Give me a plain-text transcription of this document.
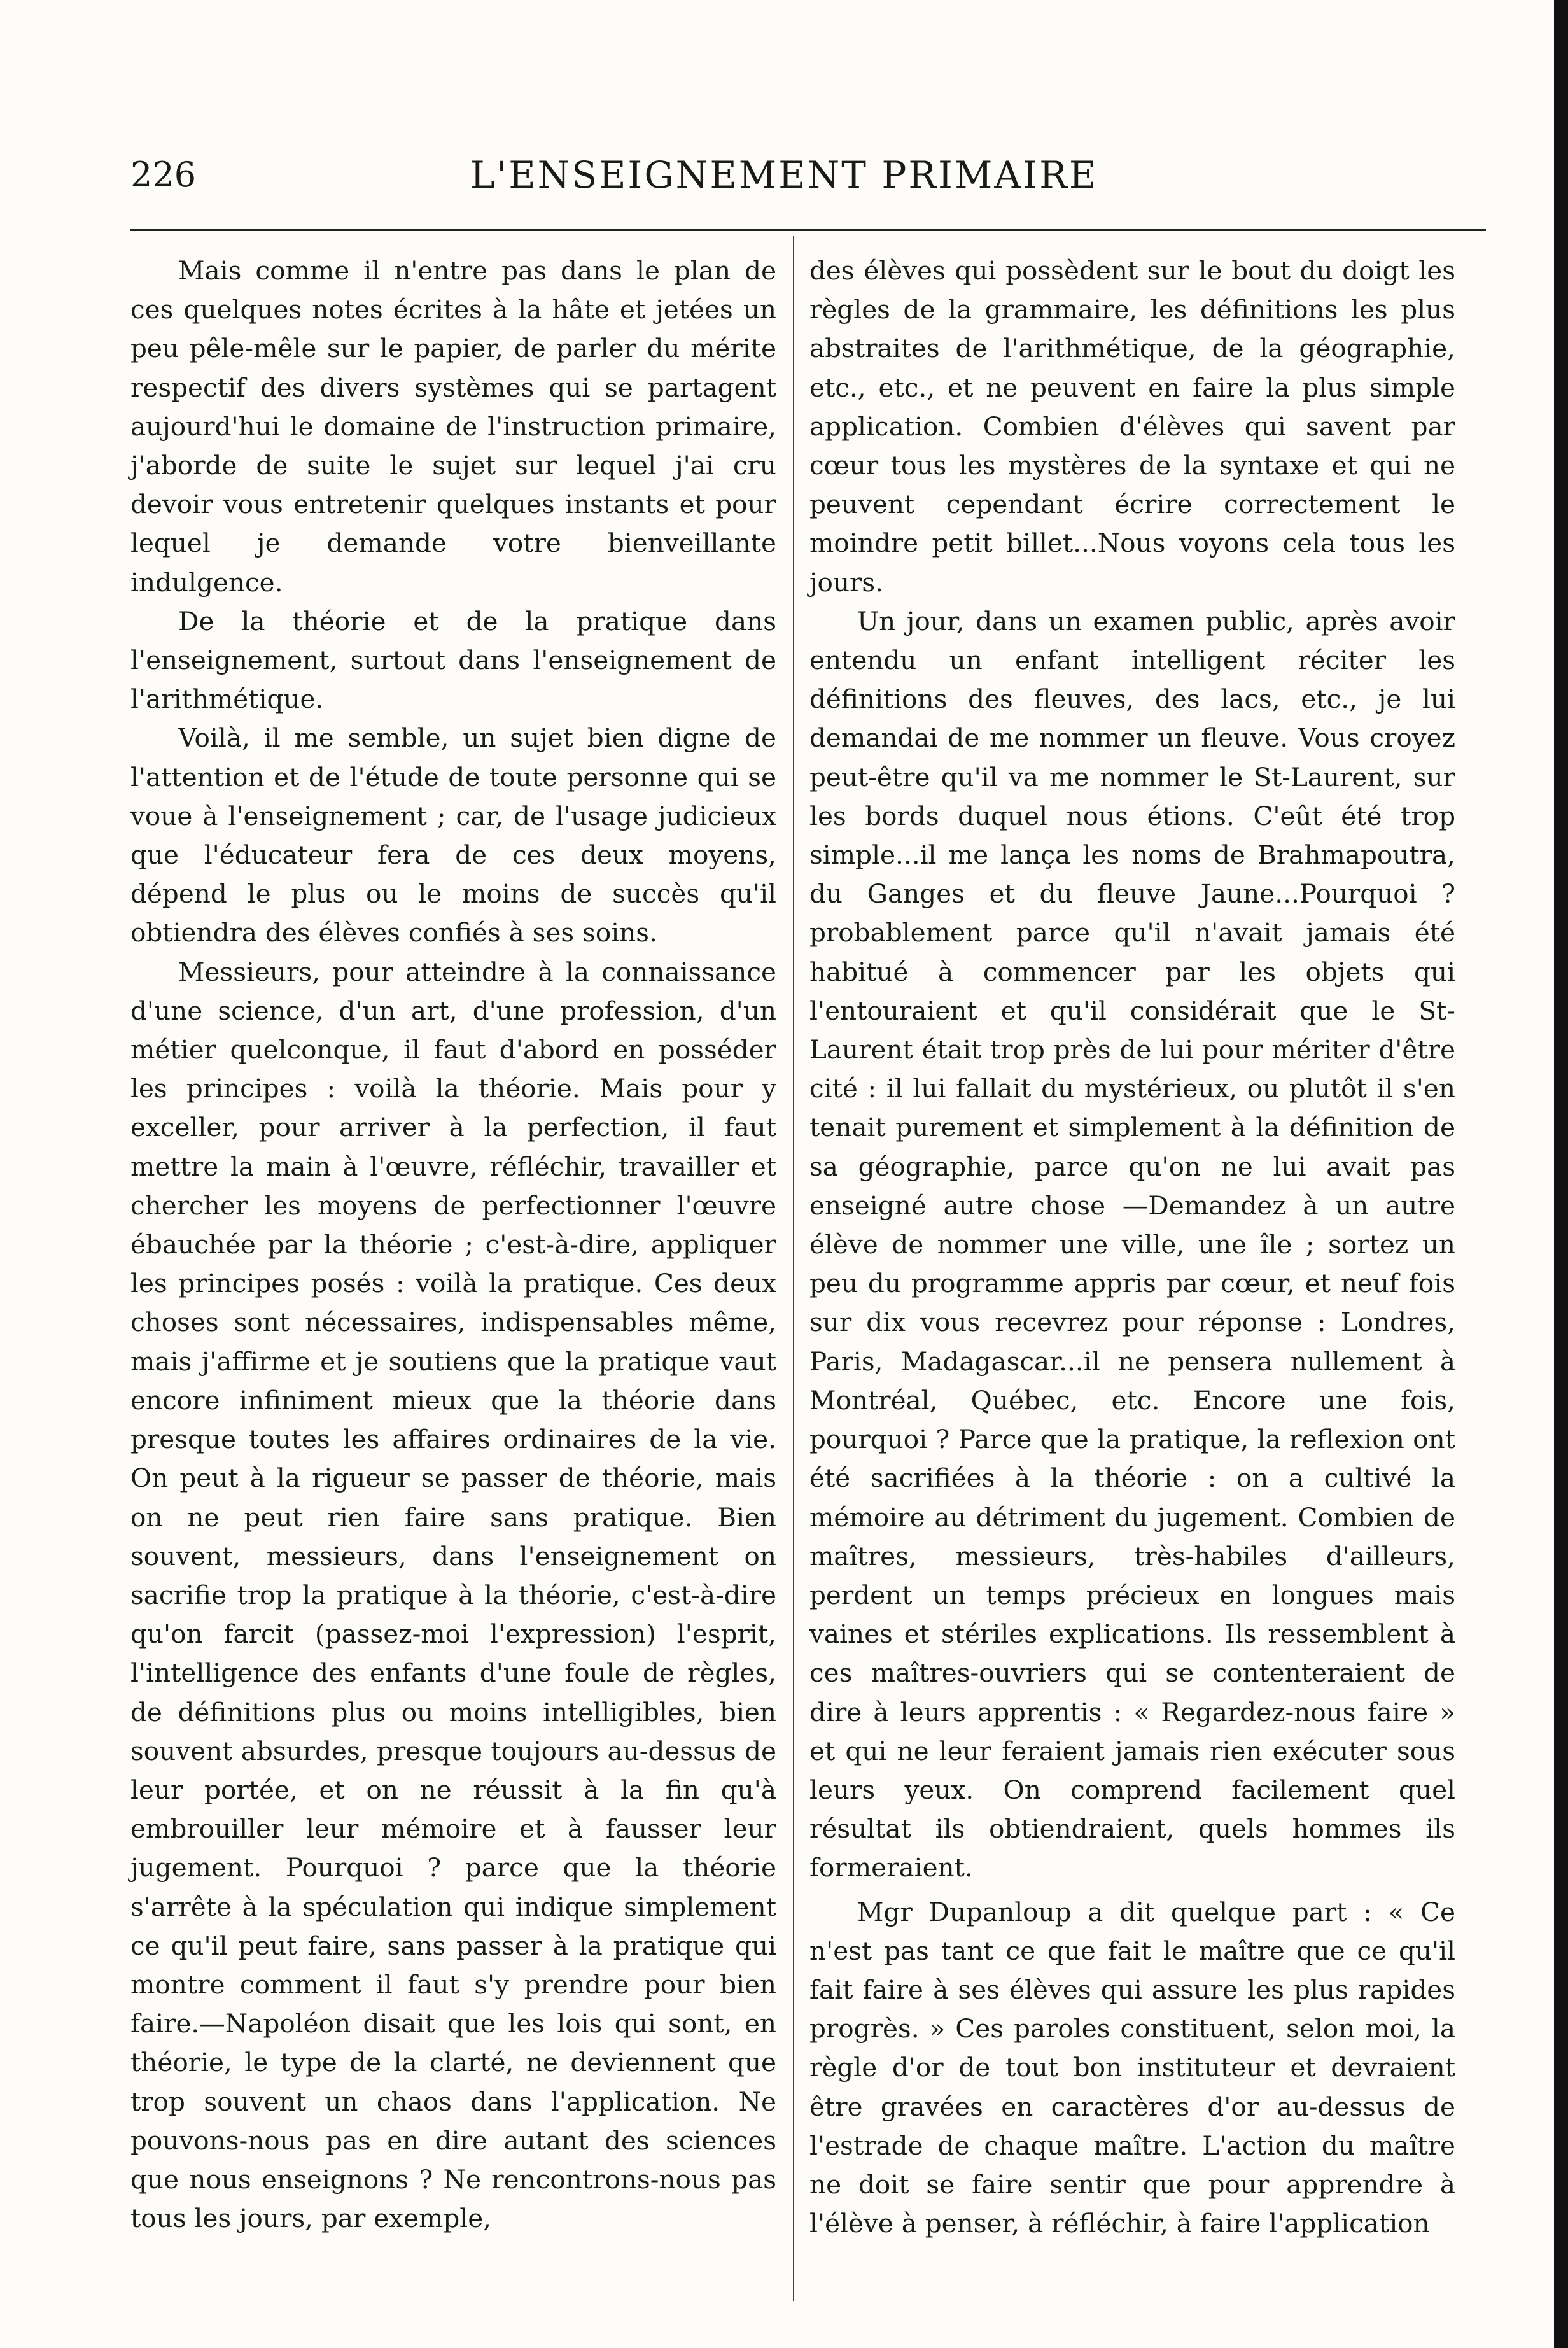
226	L'ENSEIGNEMENT PRIMAIRE

Mais comme il n'entre pas dans le plan de ces quelques notes écrites à la hâte et jetées un peu pêle-mêle sur le papier, de parler du mérite respectif des divers systèmes qui se partagent aujourd'hui le domaine de l'instruction primaire, j'aborde de suite le sujet sur lequel j'ai cru devoir vous entretenir quelques instants et pour lequel je demande votre bienveillante indulgence.

De la théorie et de la pratique dans l'enseignement, surtout dans l'enseignement de l'arithmétique.

Voilà, il me semble, un sujet bien digne de l'attention et de l'étude de toute personne qui se voue à l'enseignement ; car, de l'usage judicieux que l'éducateur fera de ces deux moyens, dépend le plus ou le moins de succès qu'il obtiendra des élèves confiés à ses soins.

Messieurs, pour atteindre à la connaissance d'une science, d'un art, d'une profession, d'un métier quelconque, il faut d'abord en posséder les principes : voilà la théorie. Mais pour y exceller, pour arriver à la perfection, il faut mettre la main à l'œuvre, réfléchir, travailler et chercher les moyens de perfectionner l'œuvre ébauchée par la théorie ; c'est-à-dire, appliquer les principes posés : voilà la pratique. Ces deux choses sont nécessaires, indispensables même, mais j'affirme et je soutiens que la pratique vaut encore infiniment mieux que la théorie dans presque toutes les affaires ordinaires de la vie. On peut à la rigueur se passer de théorie, mais on ne peut rien faire sans pratique. Bien souvent, messieurs, dans l'enseignement on sacrifie trop la pratique à la théorie, c'est-à-dire qu'on farcit (passez-moi l'expression) l'esprit, l'intelligence des enfants d'une foule de règles, de définitions plus ou moins intelligibles, bien souvent absurdes, presque toujours au-dessus de leur portée, et on ne réussit à la fin qu'à embrouiller leur mémoire et à fausser leur jugement. Pourquoi ? parce que la théorie s'arrête à la spéculation qui indique simplement ce qu'il peut faire, sans passer à la pratique qui montre comment il faut s'y prendre pour bien faire.—Napoléon disait que les lois qui sont, en théorie, le type de la clarté, ne deviennent que trop souvent un chaos dans l'application. Ne pouvons-nous pas en dire autant des sciences que nous enseignons ? Ne rencontrons-nous pas tous les jours, par exemple,

des élèves qui possèdent sur le bout du doigt les règles de la grammaire, les définitions les plus abstraites de l'arithmétique, de la géographie, etc., etc., et ne peuvent en faire la plus simple application. Combien d'élèves qui savent par cœur tous les mystères de la syntaxe et qui ne peuvent cependant écrire correctement le moindre petit billet...Nous voyons cela tous les jours.

Un jour, dans un examen public, après avoir entendu un enfant intelligent réciter les définitions des fleuves, des lacs, etc., je lui demandai de me nommer un fleuve. Vous croyez peut-être qu'il va me nommer le St-Laurent, sur les bords duquel nous étions. C'eût été trop simple...il me lança les noms de Brahmapoutra, du Ganges et du fleuve Jaune...Pourquoi ? probablement parce qu'il n'avait jamais été habitué à commencer par les objets qui l'entouraient et qu'il considérait que le St-Laurent était trop près de lui pour mériter d'être cité : il lui fallait du mystérieux, ou plutôt il s'en tenait purement et simplement à la définition de sa géographie, parce qu'on ne lui avait pas enseigné autre chose —Demandez à un autre élève de nommer une ville, une île ; sortez un peu du programme appris par cœur, et neuf fois sur dix vous recevrez pour réponse : Londres, Paris, Madagascar...il ne pensera nullement à Montréal, Québec, etc. Encore une fois, pourquoi ? Parce que la pratique, la reflexion ont été sacrifiées à la théorie : on a cultivé la mémoire au détriment du jugement. Combien de maîtres, messieurs, très-habiles d'ailleurs, perdent un temps précieux en longues mais vaines et stériles explications. Ils ressemblent à ces maîtres-ouvriers qui se contenteraient de dire à leurs apprentis : « Regardez-nous faire » et qui ne leur feraient jamais rien exécuter sous leurs yeux. On comprend facilement quel résultat ils obtiendraient, quels hommes ils formeraient.

Mgr Dupanloup a dit quelque part : « Ce n'est pas tant ce que fait le maître que ce qu'il fait faire à ses élèves qui assure les plus rapides progrès. » Ces paroles constituent, selon moi, la règle d'or de tout bon instituteur et devraient être gravées en caractères d'or au-dessus de l'estrade de chaque maître. L'action du maître ne doit se faire sentir que pour apprendre à l'élève à penser, à réfléchir, à faire l'application
